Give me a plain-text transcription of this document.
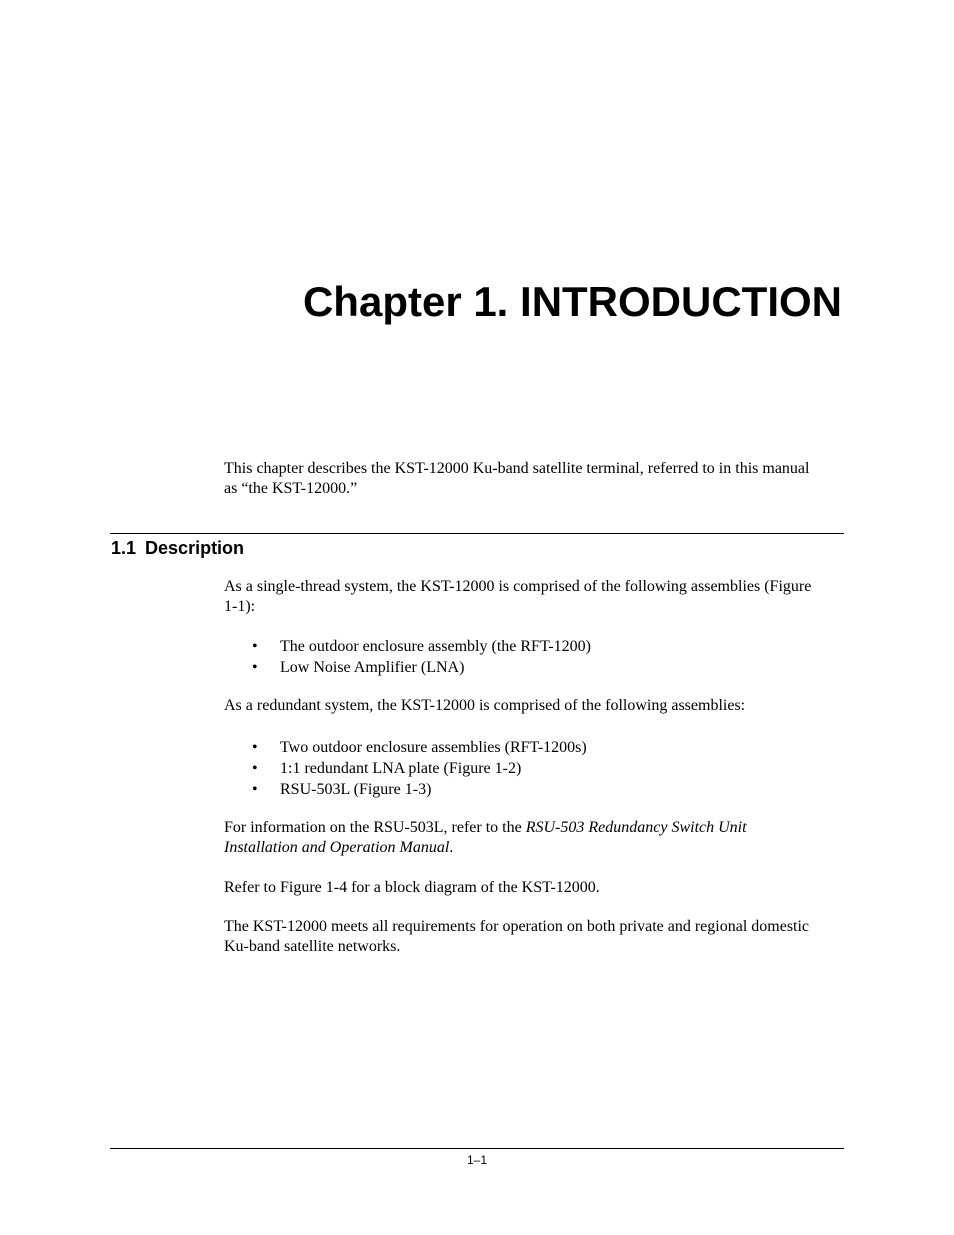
Chapter 1. INTRODUCTION

This chapter describes the KST-12000 Ku-band satellite terminal, referred to in this manual as “the KST-12000.”

1.1 Description

As a single-thread system, the KST-12000 is comprised of the following assemblies (Figure 1-1):

• The outdoor enclosure assembly (the RFT-1200)
• Low Noise Amplifier (LNA)

As a redundant system, the KST-12000 is comprised of the following assemblies:

• Two outdoor enclosure assemblies (RFT-1200s)
• 1:1 redundant LNA plate (Figure 1-2)
• RSU-503L (Figure 1-3)

For information on the RSU-503L, refer to the RSU-503 Redundancy Switch Unit Installation and Operation Manual.

Refer to Figure 1-4 for a block diagram of the KST-12000.

The KST-12000 meets all requirements for operation on both private and regional domestic Ku-band satellite networks.

1–1
